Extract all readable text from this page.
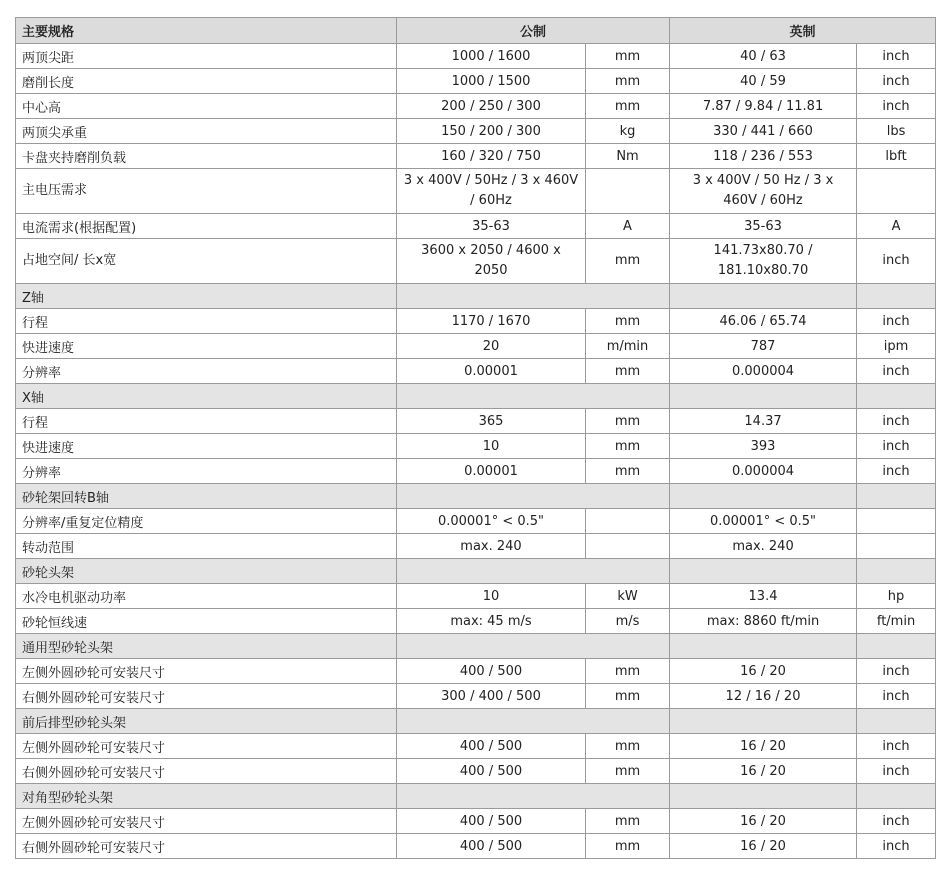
主要规格	公制		英制	
两顶尖距	1000 / 1600	mm	40 / 63	inch
磨削长度	1000 / 1500	mm	40 / 59	inch
中心高	200 / 250 / 300	mm	7.87 / 9.84 / 11.81	inch
两顶尖承重	150 / 200 / 300	kg	330 / 441 / 660	lbs
卡盘夹持磨削负载	160 / 320 / 750	Nm	118 / 236 / 553	lbft
主电压需求	3 x 400V / 50Hz / 3 x 460V / 60Hz		3 x 400V / 50 Hz / 3 x 460V / 60Hz	
电流需求(根据配置)	35-63	A	35-63	A
占地空间/ 长x宽	3600 x 2050 / 4600 x 2050	mm	141.73x80.70 / 181.10x80.70	inch
Z轴				
行程	1170 / 1670	mm	46.06 / 65.74	inch
快进速度	20	m/min	787	ipm
分辨率	0.00001	mm	0.000004	inch
X轴				
行程	365	mm	14.37	inch
快进速度	10	mm	393	inch
分辨率	0.00001	mm	0.000004	inch
砂轮架回转B轴				
分辨率/重复定位精度	0.00001° < 0.5"		0.00001° < 0.5"	
转动范围	max. 240		max. 240	
砂轮头架				
水冷电机驱动功率	10	kW	13.4	hp
砂轮恒线速	max: 45 m/s	m/s	max: 8860 ft/min	ft/min
通用型砂轮头架				
左侧外圆砂轮可安装尺寸	400 / 500	mm	16 / 20	inch
右侧外圆砂轮可安装尺寸	300 / 400 / 500	mm	12 / 16 / 20	inch
前后排型砂轮头架				
左侧外圆砂轮可安装尺寸	400 / 500	mm	16 / 20	inch
右侧外圆砂轮可安装尺寸	400 / 500	mm	16 / 20	inch
对角型砂轮头架				
左侧外圆砂轮可安装尺寸	400 / 500	mm	16 / 20	inch
右侧外圆砂轮可安装尺寸	400 / 500	mm	16 / 20	inch
